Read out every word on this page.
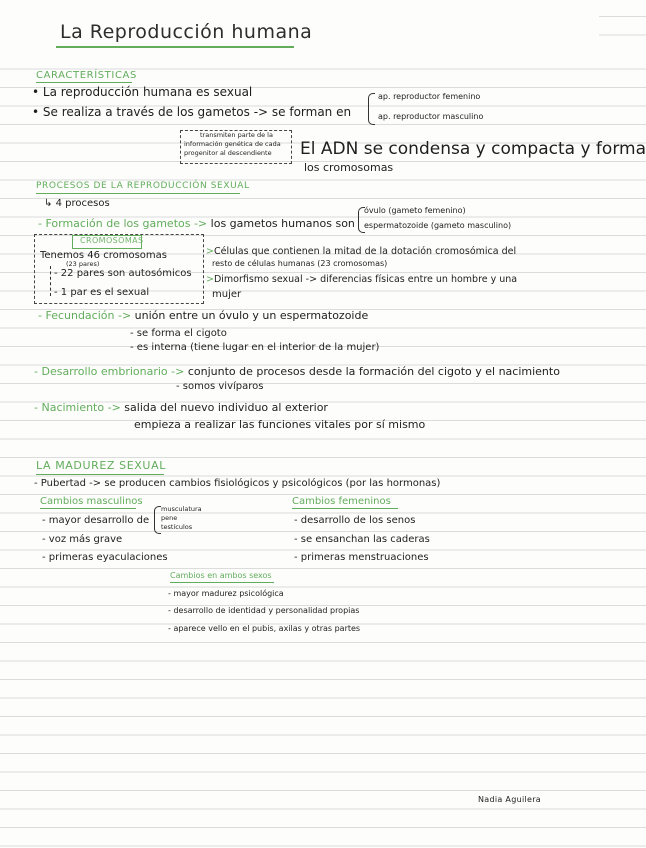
La Reproducción humana
CARACTERÍSTICAS
• La reproducción humana es sexual
• Se realiza a través de los gametos -> se forman en
ap. reproductor femenino
ap. reproductor masculino
transmiten parte de la
información genética de cada
progenitor al descendiente El ADN se condensa y compacta y forma
los cromosomas
PROCESOS DE LA REPRODUCCIÓN SEXUAL
↳ 4 procesos
- Formación de los gametos -> los gametos humanos son
óvulo (gameto femenino)
espermatozoide (gameto masculino)
CROMOSOMAS
Tenemos 46 cromosomas
(23 pares)
- 22 pares son autosómicos
- 1 par es el sexual
>Células que contienen la mitad de la dotación cromosómica del
resto de células humanas (23 cromosomas)
>Dimorfismo sexual -> diferencias físicas entre un hombre y una
mujer
- Fecundación -> unión entre un óvulo y un espermatozoide
- se forma el cigoto
- es interna (tiene lugar en el interior de la mujer)
- Desarrollo embrionario -> conjunto de procesos desde la formación del cigoto y el nacimiento
- somos vivíparos
- Nacimiento -> salida del nuevo individuo al exterior
empieza a realizar las funciones vitales por sí mismo
LA MADUREZ SEXUAL
- Pubertad -> se producen cambios fisiológicos y psicológicos (por las hormonas)
Cambios masculinos
- mayor desarrollo de
musculatura
pene
testículos
- voz más grave
- primeras eyaculaciones
Cambios femeninos
- desarrollo de los senos
- se ensanchan las caderas
- primeras menstruaciones
Cambios en ambos sexos
- mayor madurez psicológica
- desarrollo de identidad y personalidad propias
- aparece vello en el pubis, axilas y otras partes
Nadia Aguilera
